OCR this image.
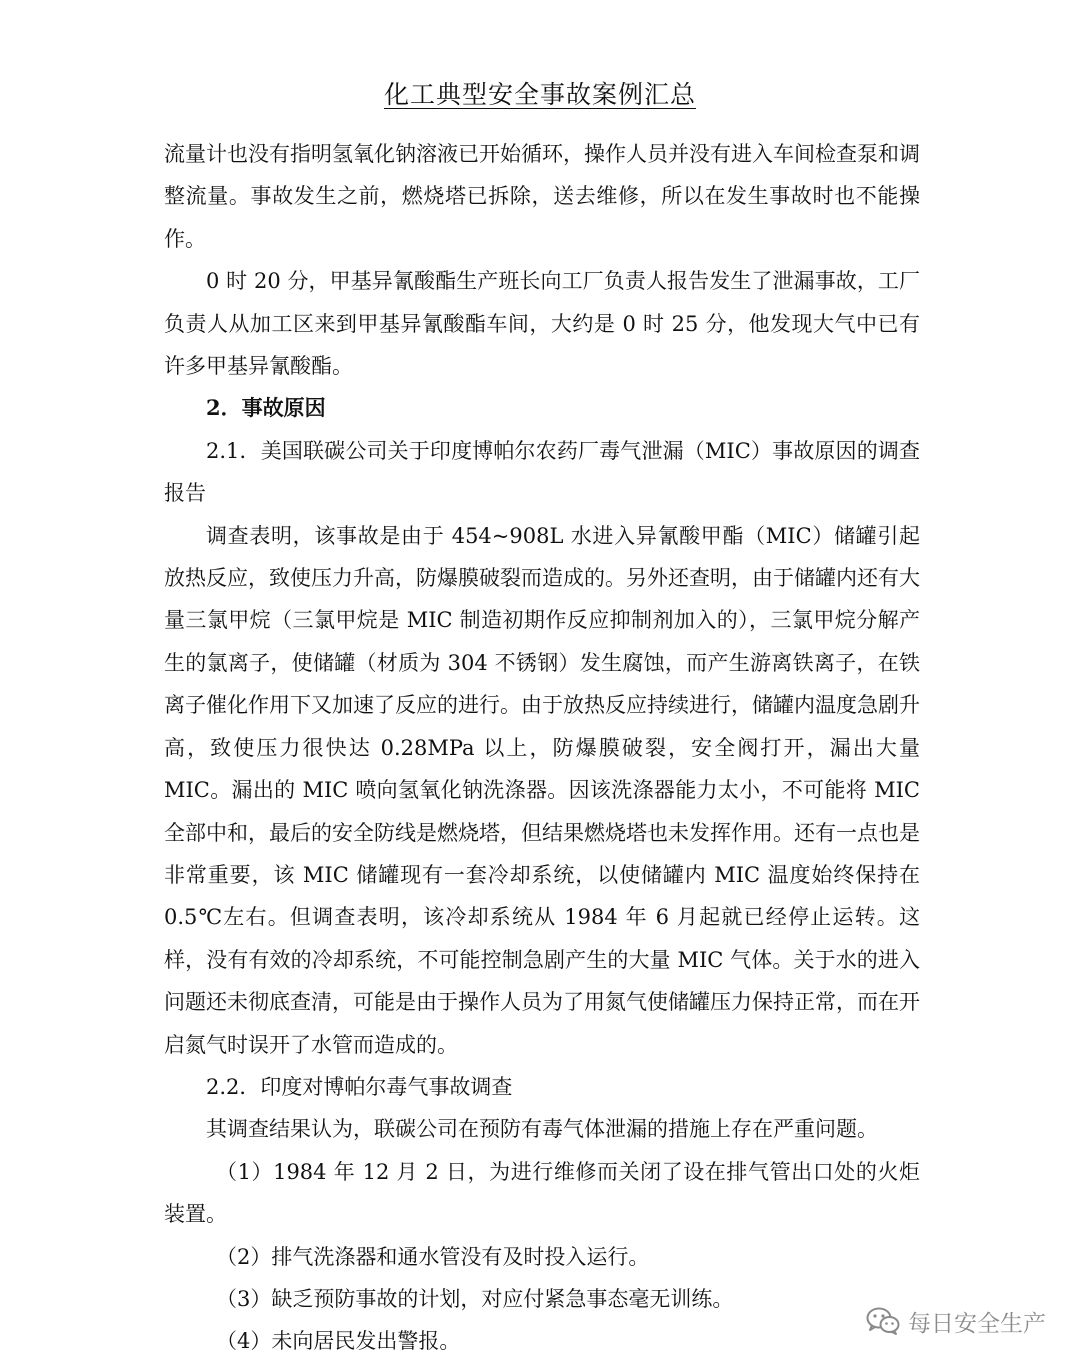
化工典型安全事故案例汇总

流量计也没有指明氢氧化钠溶液已开始循环，操作人员并没有进入车间检查泵和调整流量。事故发生之前，燃烧塔已拆除，送去维修，所以在发生事故时也不能操作。

0 时 20 分，甲基异氰酸酯生产班长向工厂负责人报告发生了泄漏事故，工厂负责人从加工区来到甲基异氰酸酯车间，大约是 0 时 25 分，他发现大气中已有许多甲基异氰酸酯。

2．事故原因

2.1．美国联碳公司关于印度博帕尔农药厂毒气泄漏（MIC）事故原因的调查报告

调查表明，该事故是由于 454~908L 水进入异氰酸甲酯（MIC）储罐引起放热反应，致使压力升高，防爆膜破裂而造成的。另外还查明，由于储罐内还有大量三氯甲烷（三氯甲烷是 MIC 制造初期作反应抑制剂加入的），三氯甲烷分解产生的氯离子，使储罐（材质为 304 不锈钢）发生腐蚀，而产生游离铁离子，在铁离子催化作用下又加速了反应的进行。由于放热反应持续进行，储罐内温度急剧升高，致使压力很快达 0.28MPa 以上，防爆膜破裂，安全阀打开，漏出大量 MIC。漏出的 MIC 喷向氢氧化钠洗涤器。因该洗涤器能力太小，不可能将 MIC 全部中和，最后的安全防线是燃烧塔，但结果燃烧塔也未发挥作用。还有一点也是非常重要，该 MIC 储罐现有一套冷却系统，以使储罐内 MIC 温度始终保持在 0.5℃左右。但调查表明，该冷却系统从 1984 年 6 月起就已经停止运转。这样，没有有效的冷却系统，不可能控制急剧产生的大量 MIC 气体。关于水的进入问题还未彻底查清，可能是由于操作人员为了用氮气使储罐压力保持正常，而在开启氮气时误开了水管而造成的。

2.2．印度对博帕尔毒气事故调查

其调查结果认为，联碳公司在预防有毒气体泄漏的措施上存在严重问题。

（1）1984 年 12 月 2 日，为进行维修而关闭了设在排气管出口处的火炬装置。

（2）排气洗涤器和通水管没有及时投入运行。

（3）缺乏预防事故的计划，对应付紧急事态毫无训练。

（4）未向居民发出警报。

每日安全生产
